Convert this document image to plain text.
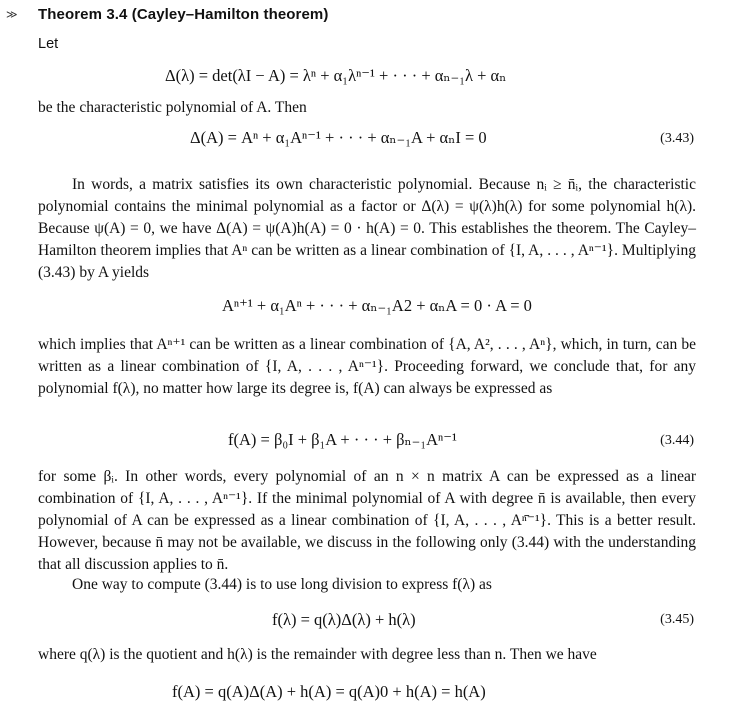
≫ Theorem 3.4 (Cayley–Hamilton theorem)
Let
Δ(λ) = det(λI − A) = λⁿ + α₁λⁿ⁻¹ + · · · + αₙ₋₁λ + αₙ
be the characteristic polynomial of A. Then
Δ(A) = Aⁿ + α₁Aⁿ⁻¹ + · · · + αₙ₋₁A + αₙI = 0	(3.43)
In words, a matrix satisfies its own characteristic polynomial. Because nᵢ ≥ n̄ᵢ, the characteristic polynomial contains the minimal polynomial as a factor or Δ(λ) = ψ(λ)h(λ) for some polynomial h(λ). Because ψ(A) = 0, we have Δ(A) = ψ(A)h(A) = 0 · h(A) = 0. This establishes the theorem. The Cayley–Hamilton theorem implies that Aⁿ can be written as a linear combination of {I, A, . . . , Aⁿ⁻¹}. Multiplying (3.43) by A yields
Aⁿ⁺¹ + α₁Aⁿ + · · · + αₙ₋₁A2 + αₙA = 0 · A = 0
which implies that Aⁿ⁺¹ can be written as a linear combination of {A, A², . . . , Aⁿ}, which, in turn, can be written as a linear combination of {I, A, . . . , Aⁿ⁻¹}. Proceeding forward, we conclude that, for any polynomial f(λ), no matter how large its degree is, f(A) can always be expressed as
f(A) = β₀I + β₁A + · · · + βₙ₋₁Aⁿ⁻¹	(3.44)
for some βᵢ. In other words, every polynomial of an n × n matrix A can be expressed as a linear combination of {I, A, . . . , Aⁿ⁻¹}. If the minimal polynomial of A with degree n̄ is available, then every polynomial of A can be expressed as a linear combination of {I, A, . . . , Aⁿ̄⁻¹}. This is a better result. However, because n̄ may not be available, we discuss in the following only (3.44) with the understanding that all discussion applies to n̄.
One way to compute (3.44) is to use long division to express f(λ) as
f(λ) = q(λ)Δ(λ) + h(λ)	(3.45)
where q(λ) is the quotient and h(λ) is the remainder with degree less than n. Then we have
f(A) = q(A)Δ(A) + h(A) = q(A)0 + h(A) = h(A)
